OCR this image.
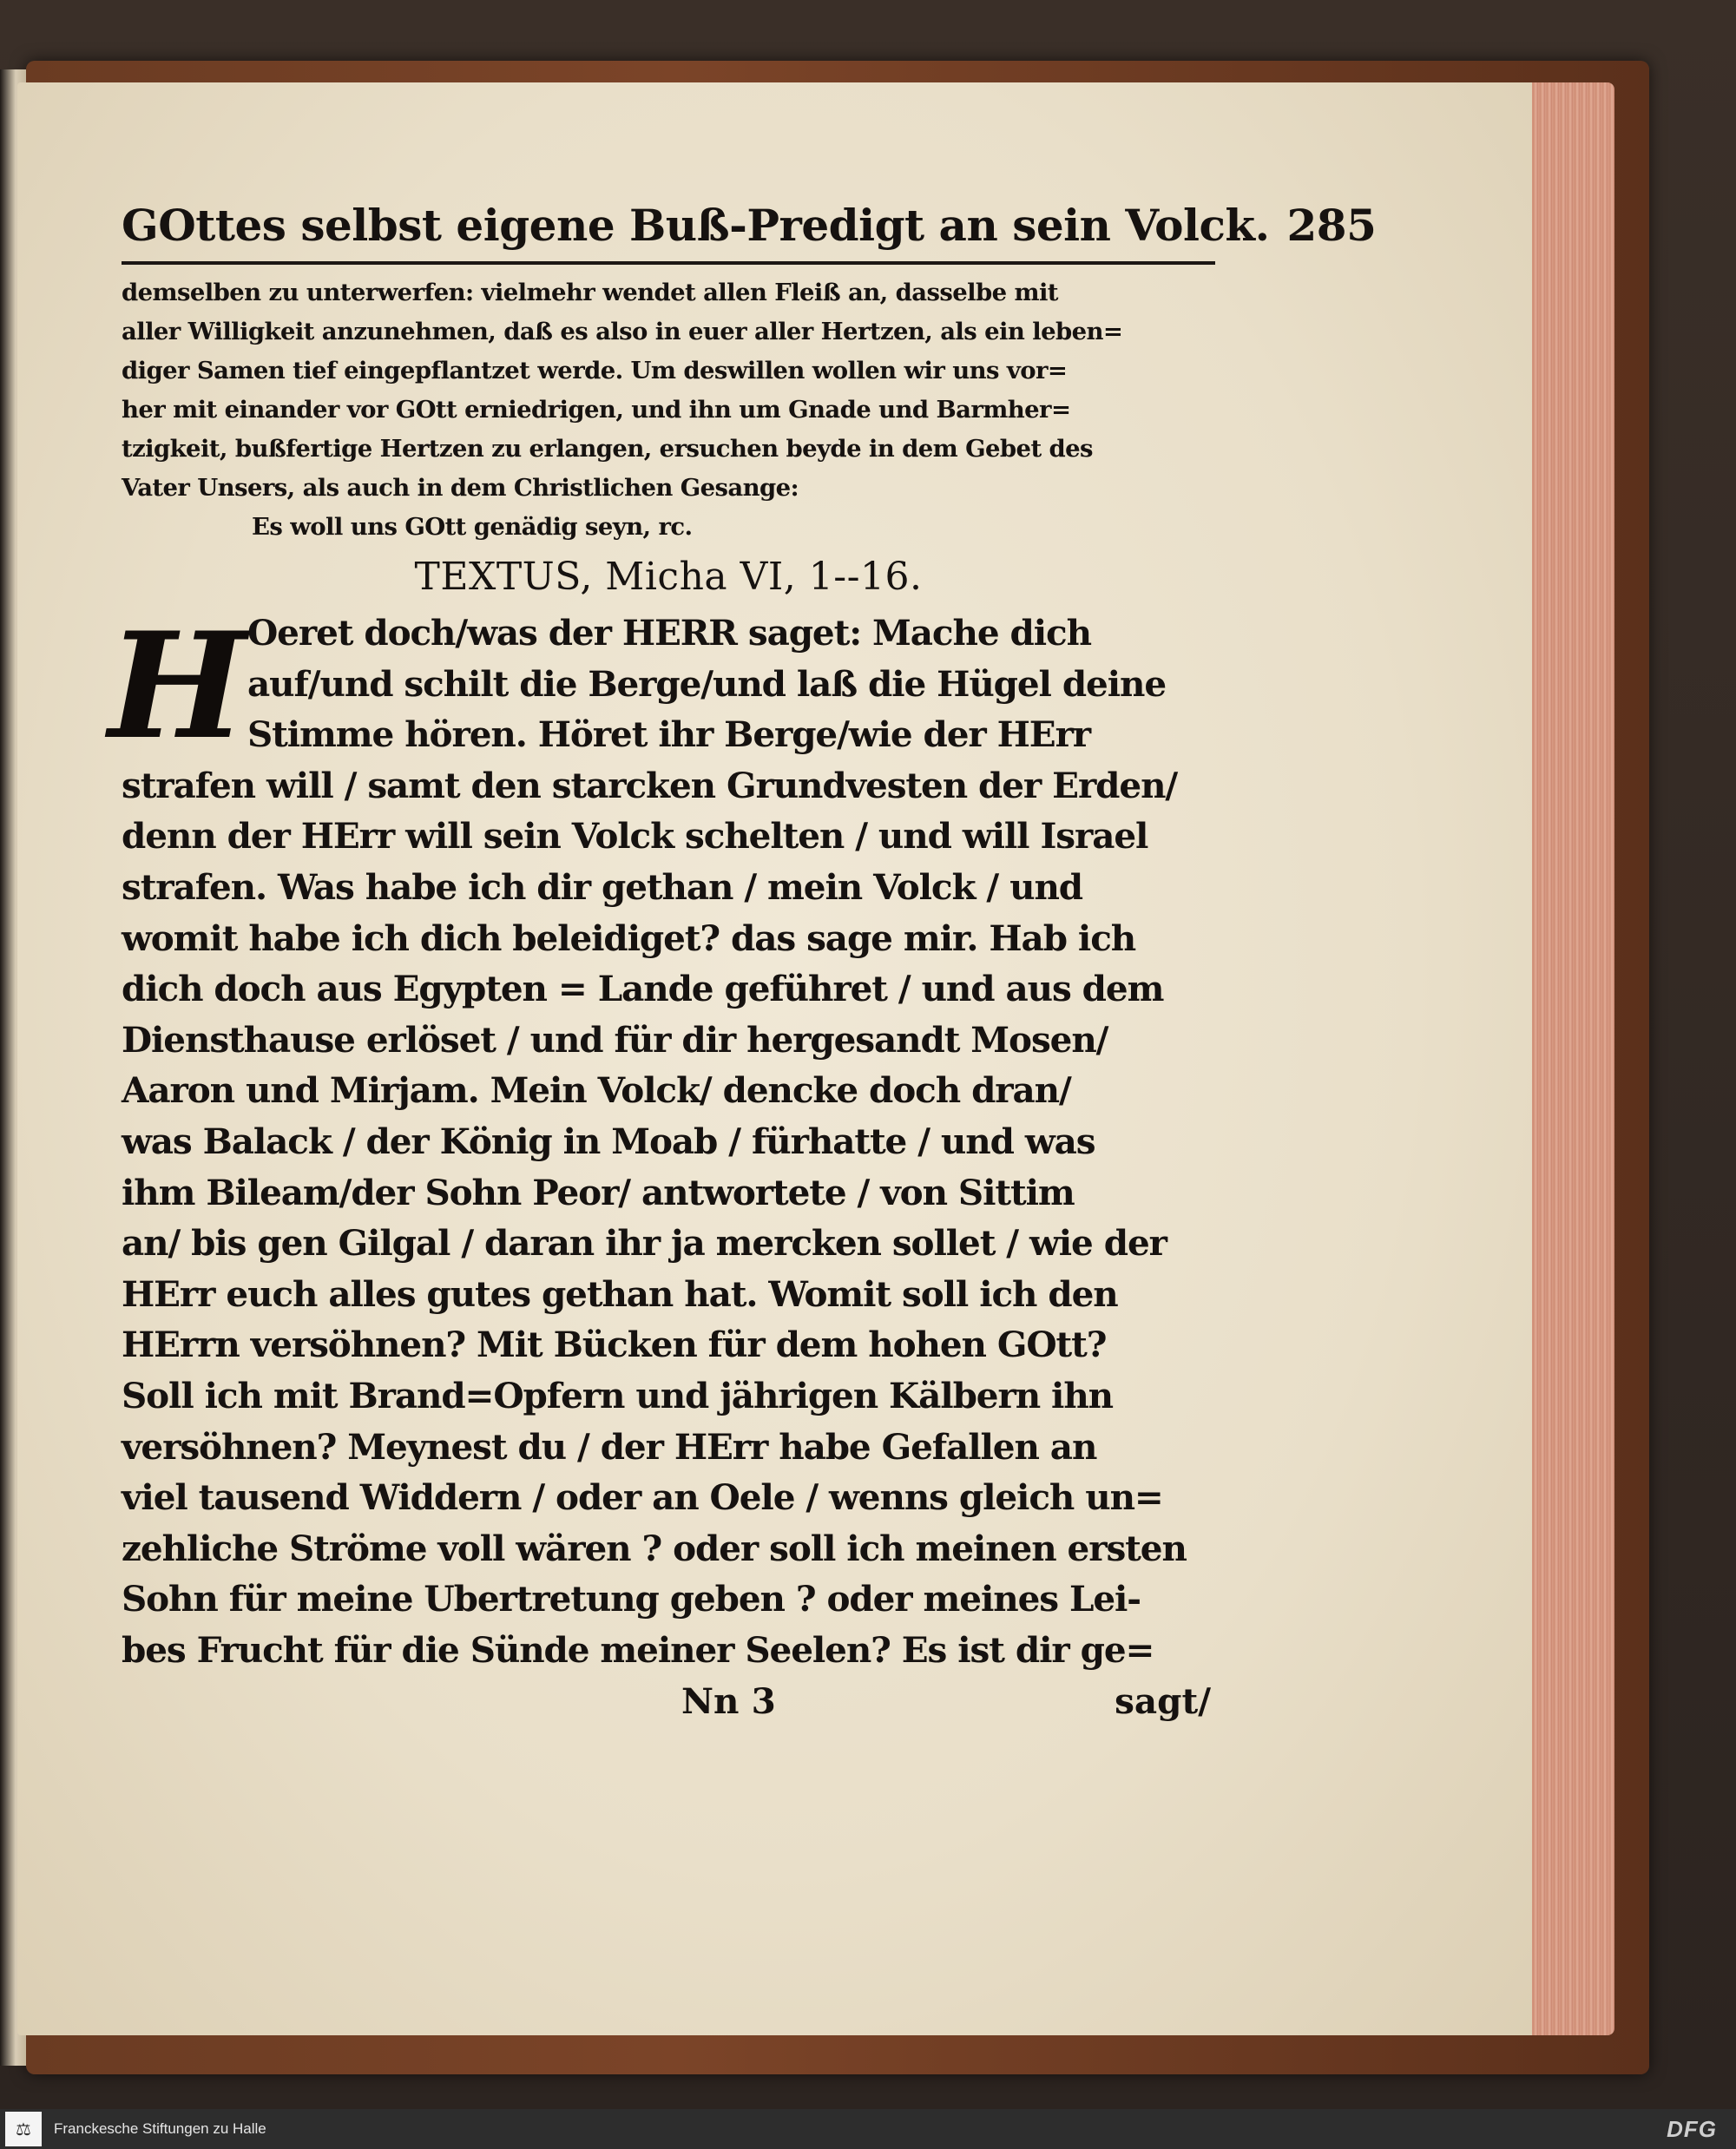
GOttes selbst eigene Buß-Predigt an sein Volck. 285
demselben zu unterwerfen: vielmehr wendet allen Fleiß an, dasselbe mit
aller Willigkeit anzunehmen, daß es also in euer aller Hertzen, als ein leben=
diger Samen tief eingepflantzet werde. Um deswillen wollen wir uns vor=
her mit einander vor GOtt erniedrigen, und ihn um Gnade und Barmher=
tzigkeit, bußfertige Hertzen zu erlangen, ersuchen beyde in dem Gebet des
Vater Unsers, als auch in dem Christlichen Gesange:
Es woll uns GOtt genädig seyn, rc.
TEXTUS, Micha VI, 1--16.
H Oeret doch/was der HERR saget: Mache dich
auf/und schilt die Berge/und laß die Hügel deine
Stimme hören. Höret ihr Berge/wie der HErr
strafen will / samt den starcken Grundvesten der Erden/
denn der HErr will sein Volck schelten / und will Israel
strafen. Was habe ich dir gethan / mein Volck / und
womit habe ich dich beleidiget? das sage mir. Hab ich
dich doch aus Egypten = Lande geführet / und aus dem
Diensthause erlöset / und für dir hergesandt Mosen/
Aaron und Mirjam. Mein Volck/ dencke doch dran/
was Balack / der König in Moab / fürhatte / und was
ihm Bileam/der Sohn Peor/ antwortete / von Sittim
an/ bis gen Gilgal / daran ihr ja mercken sollet / wie der
HErr euch alles gutes gethan hat. Womit soll ich den
HErrn versöhnen? Mit Bücken für dem hohen GOtt?
Soll ich mit Brand=Opfern und jährigen Kälbern ihn
versöhnen? Meynest du / der HErr habe Gefallen an
viel tausend Widdern / oder an Oele / wenns gleich un=
zehliche Ströme voll wären ? oder soll ich meinen ersten
Sohn für meine Ubertretung geben ? oder meines Lei-
bes Frucht für die Sünde meiner Seelen? Es ist dir ge=
Nn 3	sagt/
⚖	Franckesche Stiftungen zu Halle	DFG
